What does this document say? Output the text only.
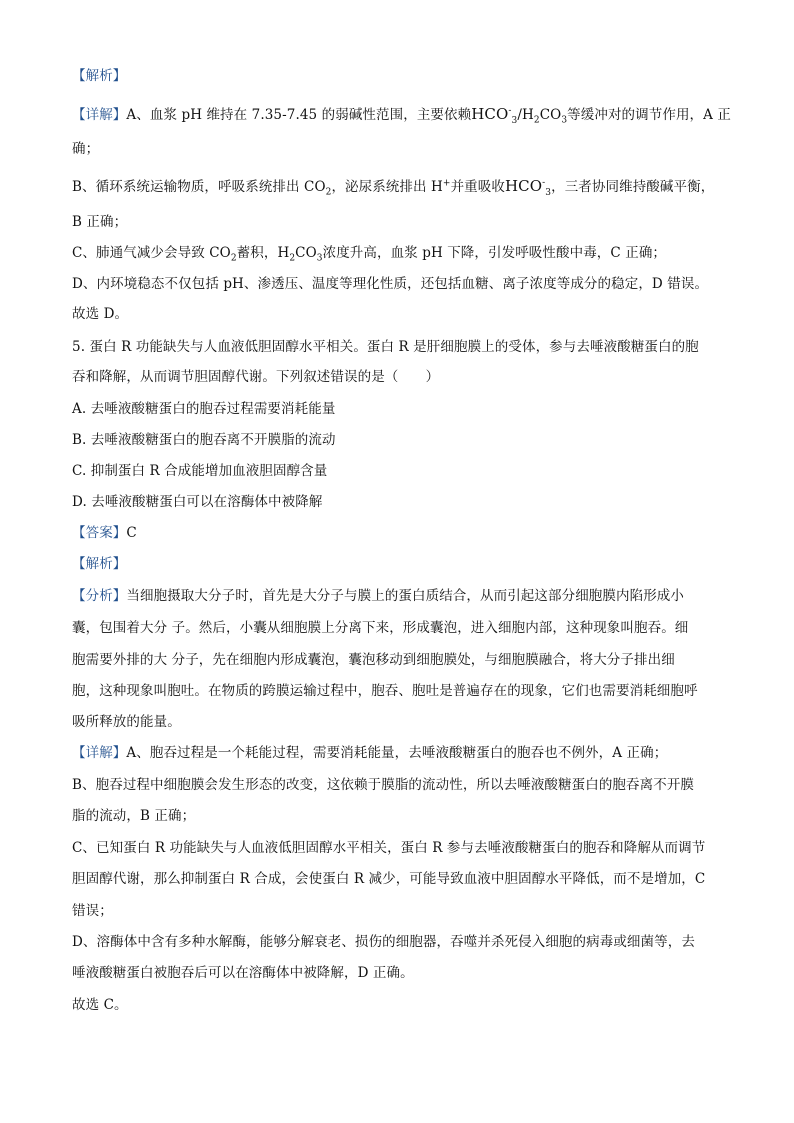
【解析】
【详解】A、血浆 pH 维持在 7.35-7.45 的弱碱性范围，主要依赖$HCO^-_3/H_2CO_3$等缓冲对的调节作用，A 正
确；
B、循环系统运输物质，呼吸系统排出 $CO_2$，泌尿系统排出 H+并重吸收$HCO^-_3$，三者协同维持酸碱平衡，
B 正确；
C、肺通气减少会导致 $CO_2$蓄积，$H_2CO_3$浓度升高，血浆 pH 下降，引发呼吸性酸中毒，C 正确；
D、内环境稳态不仅包括 pH、渗透压、温度等理化性质，还包括血糖、离子浓度等成分的稳定，D 错误。
故选 D。
5. 蛋白 R 功能缺失与人血液低胆固醇水平相关。蛋白 R 是肝细胞膜上的受体，参与去唾液酸糖蛋白的胞
吞和降解，从而调节胆固醇代谢。下列叙述错误的是（　　）
A. 去唾液酸糖蛋白的胞吞过程需要消耗能量
B. 去唾液酸糖蛋白的胞吞离不开膜脂的流动
C. 抑制蛋白 R 合成能增加血液胆固醇含量
D. 去唾液酸糖蛋白可以在溶酶体中被降解
【答案】C
【解析】
【分析】当细胞摄取大分子时，首先是大分子与膜上的蛋白质结合，从而引起这部分细胞膜内陷形成小
囊，包围着大分 子。然后，小囊从细胞膜上分离下来，形成囊泡，进入细胞内部，这种现象叫胞吞。细
胞需要外排的大 分子，先在细胞内形成囊泡，囊泡移动到细胞膜处，与细胞膜融合，将大分子排出细
胞，这种现象叫胞吐。在物质的跨膜运输过程中，胞吞、胞吐是普遍存在的现象，它们也需要消耗细胞呼
吸所释放的能量。
【详解】A、胞吞过程是一个耗能过程，需要消耗能量，去唾液酸糖蛋白的胞吞也不例外，A 正确；
B、胞吞过程中细胞膜会发生形态的改变，这依赖于膜脂的流动性，所以去唾液酸糖蛋白的胞吞离不开膜
脂的流动，B 正确；
C、已知蛋白 R 功能缺失与人血液低胆固醇水平相关，蛋白 R 参与去唾液酸糖蛋白的胞吞和降解从而调节
胆固醇代谢，那么抑制蛋白 R 合成，会使蛋白 R 减少，可能导致血液中胆固醇水平降低，而不是增加，C
错误；
D、溶酶体中含有多种水解酶，能够分解衰老、损伤的细胞器，吞噬并杀死侵入细胞的病毒或细菌等，去
唾液酸糖蛋白被胞吞后可以在溶酶体中被降解，D 正确。
故选 C。
